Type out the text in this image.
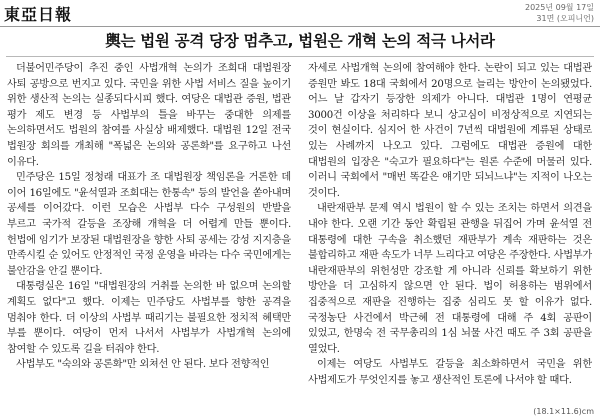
東亞日報	2025년 09월 17일
31면 (오피니언)
輿는 법원 공격 당장 멈추고, 법원은 개혁 논의 적극 나서라

더불어민주당이 추진 중인 사법개혁 논의가 조희대 대법원장 사퇴 공방으로 번지고 있다. 국민을 위한 사법 서비스 질을 높이기 위한 생산적 논의는 실종되다시피 했다. 여당은 대법관 증원, 법관 평가 제도 변경 등 사법부의 틀을 바꾸는 중대한 의제를 논의하면서도 법원의 참여를 사실상 배제했다. 대법원 12일 전국 법원장 회의를 개최해 "폭넓은 논의와 공론화"를 요구하고 나선 이유다.

민주당은 15일 정청래 대표가 조 대법원장 책임론을 거론한 데 이어 16일에도 "윤석열과 조희대는 한통속" 등의 발언을 쏟아내며 공세를 이어갔다. 이런 모습은 사법부 다수 구성원의 반발을 부르고 국가적 갈등을 조장해 개혁을 더 어렵게 만들 뿐이다. 헌법에 임기가 보장된 대법원장을 향한 사퇴 공세는 강성 지지층을 만족시킬 순 있어도 안정적인 국정 운영을 바라는 다수 국민에게는 불안감을 안길 뿐이다.

대통령실은 16일 "대법원장의 거취를 논의한 바 없으며 논의할 계획도 없다"고 했다. 이제는 민주당도 사법부를 향한 공격을 멈춰야 한다. 더 이상의 사법부 때리기는 불필요한 정치적 혜택만 부를 뿐이다. 여당이 먼저 나서서 사법부가 사법개혁 논의에 참여할 수 있도록 길을 터줘야 한다.

사법부도 "숙의와 공론화"만 외쳐선 안 된다. 보다 전향적인

자세로 사법개혁 논의에 참여해야 한다. 논란이 되고 있는 대법관 증원만 봐도 18대 국회에서 20명으로 늘리는 방안이 논의됐었다. 어느 날 갑자기 등장한 의제가 아니다. 대법관 1명이 연평균 3000건 이상을 처리하다 보니 상고심이 비정상적으로 지연되는 것이 현실이다. 심지어 한 사건이 7년씩 대법원에 계류된 상태로 있는 사례까지 나오고 있다. 그럼에도 대법관 증원에 대한 대법원의 입장은 "숙고가 필요하다"는 원론 수준에 머물러 있다. 이러니 국회에서 "매번 똑같은 얘기만 되뇌느냐"는 지적이 나오는 것이다.

내란재판부 문제 역시 법원이 할 수 있는 조치는 하면서 의견을 내야 한다. 오랜 기간 동안 확립된 관행을 뒤집어 가며 윤석열 전 대통령에 대한 구속을 취소했던 재판부가 계속 재판하는 것은 불합리하고 재판 속도가 너무 느리다고 여당은 주장한다. 사법부가 내란재판부의 위헌성만 강조할 게 아니라 신뢰를 확보하기 위한 방안을 더 고심하지 않으면 안 된다. 법이 허용하는 범위에서 집중적으로 재판을 진행하는 집중 심리도 못 할 이유가 없다. 국정농단 사건에서 박근혜 전 대통령에 대해 주 4회 공판이 있었고, 한명숙 전 국무총리의 1심 뇌물 사건 때도 주 3회 공판을 열었다.

이제는 여당도 사법부도 갈등을 최소화하면서 국민을 위한 사법제도가 무엇인지를 놓고 생산적인 토론에 나서야 할 때다.

(18.1×11.6)cm
